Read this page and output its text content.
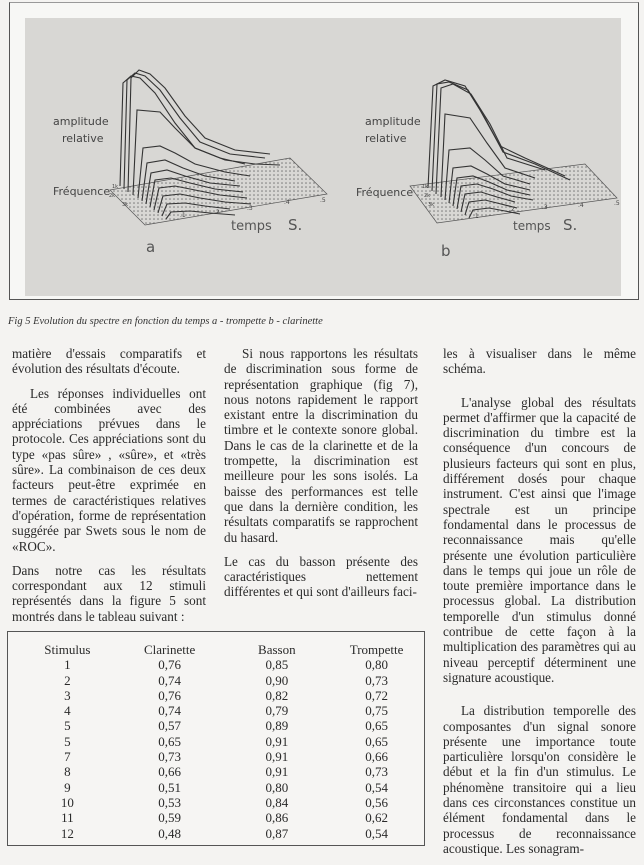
amplitude
relative
Fréquence 1k
2k
3k
.1	.2
.3
.4	.5
temps S.
a
amplitude
relative
Fréquence 1k
2k
3k
.1
.2	.3	.4	.5
temps S.
b
Fig 5 Evolution du spectre en fonction du temps a - trompette b - clarinette

matière d'essais comparatifs et évolution des résultats d'écoute.

Les réponses individuelles ont été combinées avec des appréciations prévues dans le protocole. Ces appréciations sont du type «pas sûre» , «sûre», et «très sûre». La combinaison de ces deux facteurs peut-être exprimée en termes de caractéristiques relatives d'opération, forme de représentation suggérée par Swets sous le nom de «ROC».

Dans notre cas les résultats correspondant aux 12 stimuli représentés dans la figure 5 sont montrés dans le tableau suivant :

Si nous rapportons les résultats de discrimination sous forme de représentation graphique (fig 7), nous notons rapidement le rapport existant entre la discrimination du timbre et le contexte sonore global. Dans le cas de la clarinette et de la trompette, la discrimination est meilleure pour les sons isolés. La baisse des performances est telle que dans la dernière condition, les résultats comparatifs se rapprochent du hasard.

Le cas du basson présente des caractéristiques nettement différentes et qui sont d'ailleurs faci-

les à visualiser dans le même schéma.

L'analyse global des résultats permet d'affirmer que la capacité de discrimination du timbre est la conséquence d'un concours de plusieurs facteurs qui sont en plus, différement dosés pour chaque instrument. C'est ainsi que l'image spectrale est un principe fondamental dans le processus de reconnaissance mais qu'elle présente une évolution particulière dans le temps qui joue un rôle de toute première importance dans le processus global. La distribution temporelle d'un stimulus donné contribue de cette façon à la multiplication des paramètres qui au niveau perceptif déterminent une signature acoustique.

La distribution temporelle des composantes d'un signal sonore présente une importance toute particulière lorsqu'on considère le début et la fin d'un stimulus. Le phénomène transitoire qui a lieu dans ces circonstances constitue un élément fondamental dans le processus de reconnaissance acoustique. Les sonagram-

Stimulus	Clarinette	Basson	Trompette
1	0,76	0,85	0,80
2	0,74	0,90	0,73
3	0,76	0,82	0,72
4	0,74	0,79	0,75
5	0,57	0,89	0,65
5	0,65	0,91	0,65
7	0,73	0,91	0,66
8	0,66	0,91	0,73
9	0,51	0,80	0,54
10	0,53	0,84	0,56
11	0,59	0,86	0,62
12	0,48	0,87	0,54
